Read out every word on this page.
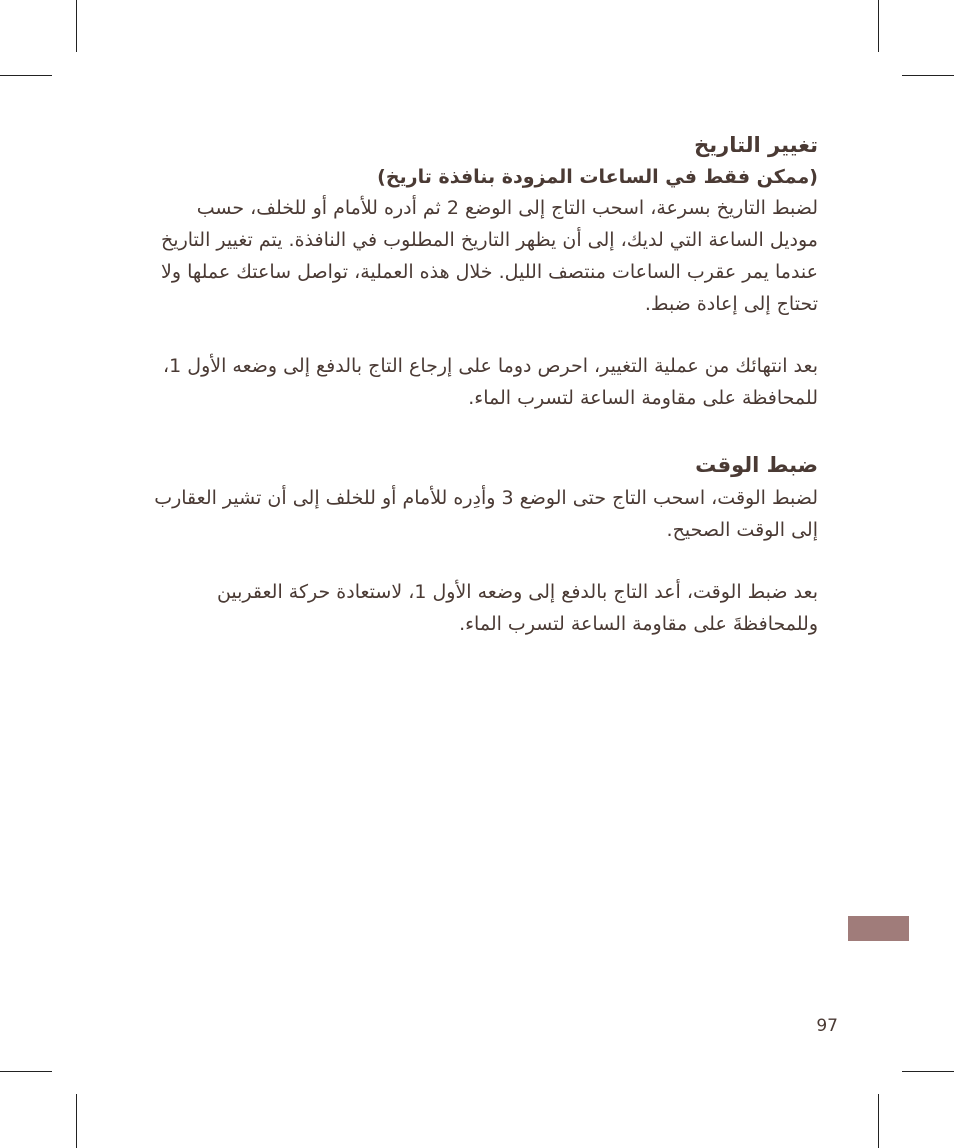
تغيير التاريخ

(ممكن فقط في الساعات المزودة بنافذة تاريخ)

لضبط التاريخ بسرعة، اسحب التاج إلى الوضع 2 ثم أدره للأمام أو للخلف، حسب موديل الساعة التي لديك، إلى أن يظهر التاريخ المطلوب في النافذة. يتم تغيير التاريخ عندما يمر عقرب الساعات منتصف الليل. خلال هذه العملية، تواصل ساعتك عملها ولا تحتاج إلى إعادة ضبط.

بعد انتهائك من عملية التغيير، احرص دوما على إرجاع التاج بالدفع إلى وضعه الأول 1، للمحافظة على مقاومة الساعة لتسرب الماء.

ضبط الوقت

لضبط الوقت، اسحب التاج حتى الوضع 3 وأدِره للأمام أو للخلف إلى أن تشير العقارب إلى الوقت الصحيح.

بعد ضبط الوقت، أعد التاج بالدفع إلى وضعه الأول 1، لاستعادة حركة العقربين وللمحافظةَ على مقاومة الساعة لتسرب الماء.

97
